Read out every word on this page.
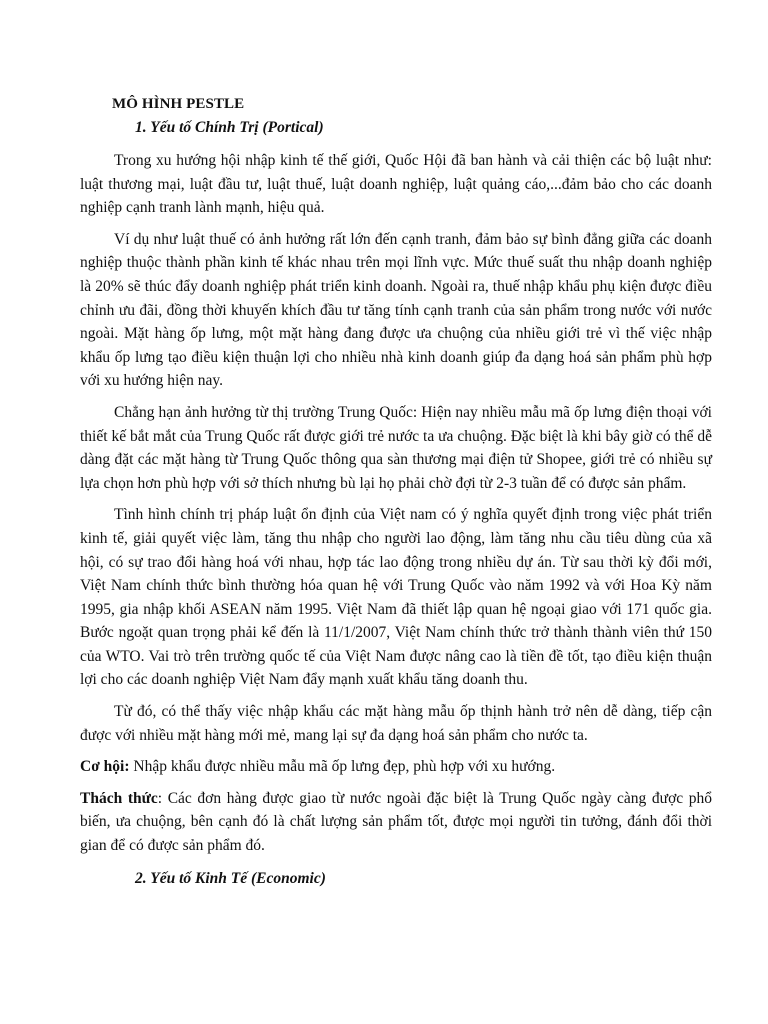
MÔ HÌNH PESTLE
1. Yếu tố Chính Trị (Portical)

Trong xu hướng hội nhập kinh tế thế giới, Quốc Hội đã ban hành và cải thiện các bộ luật như: luật thương mại, luật đầu tư, luật thuế, luật doanh nghiệp, luật quảng cáo,...đảm bảo cho các doanh nghiệp cạnh tranh lành mạnh, hiệu quả.

Ví dụ như luật thuế có ảnh hưởng rất lớn đến cạnh tranh, đảm bảo sự bình đẳng giữa các doanh nghiệp thuộc thành phần kinh tế khác nhau trên mọi lĩnh vực. Mức thuế suất thu nhập doanh nghiệp là 20% sẽ thúc đẩy doanh nghiệp phát triển kinh doanh. Ngoài ra, thuế nhập khẩu phụ kiện được điều chỉnh ưu đãi, đồng thời khuyến khích đầu tư tăng tính cạnh tranh của sản phẩm trong nước với nước ngoài. Mặt hàng ốp lưng, một mặt hàng đang được ưa chuộng của nhiều giới trẻ vì thế việc nhập khẩu ốp lưng tạo điều kiện thuận lợi cho nhiều nhà kinh doanh giúp đa dạng hoá sản phẩm phù hợp với xu hướng hiện nay.

Chẳng hạn ảnh hưởng từ thị trường Trung Quốc: Hiện nay nhiều mẫu mã ốp lưng điện thoại với thiết kế bắt mắt của Trung Quốc rất được giới trẻ nước ta ưa chuộng. Đặc biệt là khi bây giờ có thể dễ dàng đặt các mặt hàng từ Trung Quốc thông qua sàn thương mại điện tử Shopee, giới trẻ có nhiều sự lựa chọn hơn phù hợp với sở thích nhưng bù lại họ phải chờ đợi từ 2-3 tuần để có được sản phẩm.

Tình hình chính trị pháp luật ổn định của Việt nam có ý nghĩa quyết định trong việc phát triển kinh tế, giải quyết việc làm, tăng thu nhập cho người lao động, làm tăng nhu cầu tiêu dùng của xã hội, có sự trao đổi hàng hoá với nhau, hợp tác lao động trong nhiều dự án. Từ sau thời kỳ đổi mới, Việt Nam chính thức bình thường hóa quan hệ với Trung Quốc vào năm 1992 và với Hoa Kỳ năm 1995, gia nhập khối ASEAN năm 1995. Việt Nam đã thiết lập quan hệ ngoại giao với 171 quốc gia. Bước ngoặt quan trọng phải kể đến là 11/1/2007, Việt Nam chính thức trở thành thành viên thứ 150 của WTO. Vai trò trên trường quốc tế của Việt Nam được nâng cao là tiền đề tốt, tạo điều kiện thuận lợi cho các doanh nghiệp Việt Nam đẩy mạnh xuất khẩu tăng doanh thu.

Từ đó, có thể thấy việc nhập khẩu các mặt hàng mẫu ốp thịnh hành trở nên dễ dàng, tiếp cận được với nhiều mặt hàng mới mẻ, mang lại sự đa dạng hoá sản phẩm cho nước ta.

Cơ hội: Nhập khẩu được nhiều mẫu mã ốp lưng đẹp, phù hợp với xu hướng.

Thách thức: Các đơn hàng được giao từ nước ngoài đặc biệt là Trung Quốc ngày càng được phổ biến, ưa chuộng, bên cạnh đó là chất lượng sản phẩm tốt, được mọi người tin tưởng, đánh đổi thời gian để có được sản phẩm đó.

2. Yếu tố Kinh Tế (Economic)
